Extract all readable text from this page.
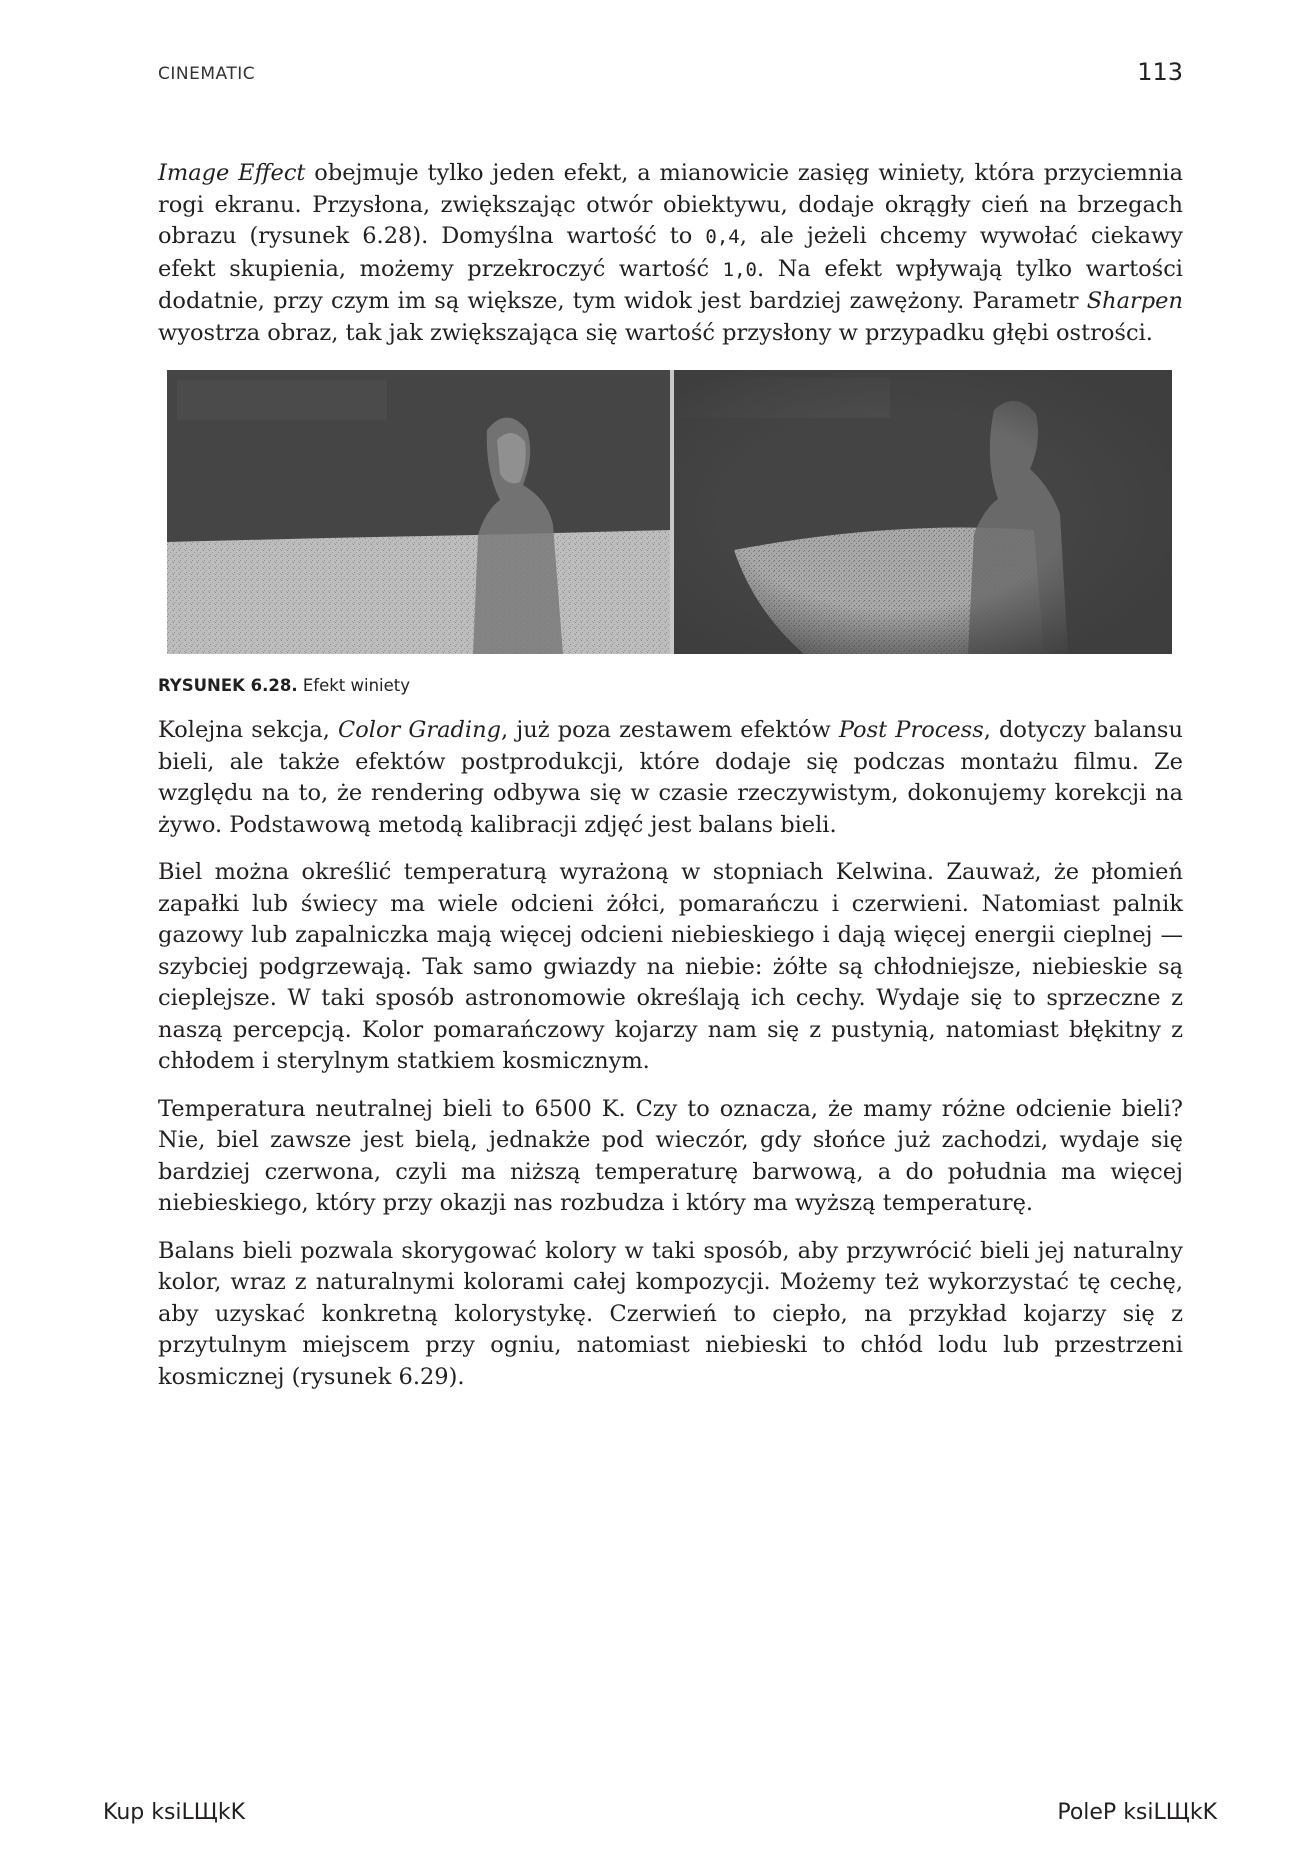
CINEMATIC	113

Image Effect obejmuje tylko jeden efekt, a mianowicie zasięg winiety, która przyciemnia rogi ekranu. Przysłona, zwiększając otwór obiektywu, dodaje okrągły cień na brzegach obrazu (rysunek 6.28). Domyślna wartość to 0,4, ale jeżeli chcemy wywołać ciekawy efekt skupienia, możemy przekroczyć wartość 1,0. Na efekt wpływają tylko wartości dodatnie, przy czym im są większe, tym widok jest bardziej zawężony. Parametr Sharpen wyostrza obraz, tak jak zwiększająca się wartość przysłony w przypadku głębi ostrości.

RYSUNEK 6.28. Efekt winiety

Kolejna sekcja, Color Grading, już poza zestawem efektów Post Process, dotyczy balansu bieli, ale także efektów postprodukcji, które dodaje się podczas montażu filmu. Ze względu na to, że rendering odbywa się w czasie rzeczywistym, dokonujemy korekcji na żywo. Podstawową metodą kalibracji zdjęć jest balans bieli.

Biel można określić temperaturą wyrażoną w stopniach Kelwina. Zauważ, że płomień zapałki lub świecy ma wiele odcieni żółci, pomarańczu i czerwieni. Natomiast palnik gazowy lub zapalniczka mają więcej odcieni niebieskiego i dają więcej energii cieplnej — szybciej podgrzewają. Tak samo gwiazdy na niebie: żółte są chłodniejsze, niebieskie są cieplejsze. W taki sposób astronomowie określają ich cechy. Wydaje się to sprzeczne z naszą percepcją. Kolor pomarańczowy kojarzy nam się z pustynią, natomiast błękitny z chłodem i sterylnym statkiem kosmicznym.

Temperatura neutralnej bieli to 6500 K. Czy to oznacza, że mamy różne odcienie bieli? Nie, biel zawsze jest bielą, jednakże pod wieczór, gdy słońce już zachodzi, wydaje się bardziej czerwona, czyli ma niższą temperaturę barwową, a do południa ma więcej niebieskiego, który przy okazji nas rozbudza i który ma wyższą temperaturę.

Balans bieli pozwala skorygować kolory w taki sposób, aby przywrócić bieli jej naturalny kolor, wraz z naturalnymi kolorami całej kompozycji. Możemy też wykorzystać tę cechę, aby uzyskać konkretną kolorystykę. Czerwień to ciepło, na przykład kojarzy się z przytulnym miejscem przy ogniu, natomiast niebieski to chłód lodu lub przestrzeni kosmicznej (rysunek 6.29).

Kup ksiLЩkK	PoleP ksiLЩkK
